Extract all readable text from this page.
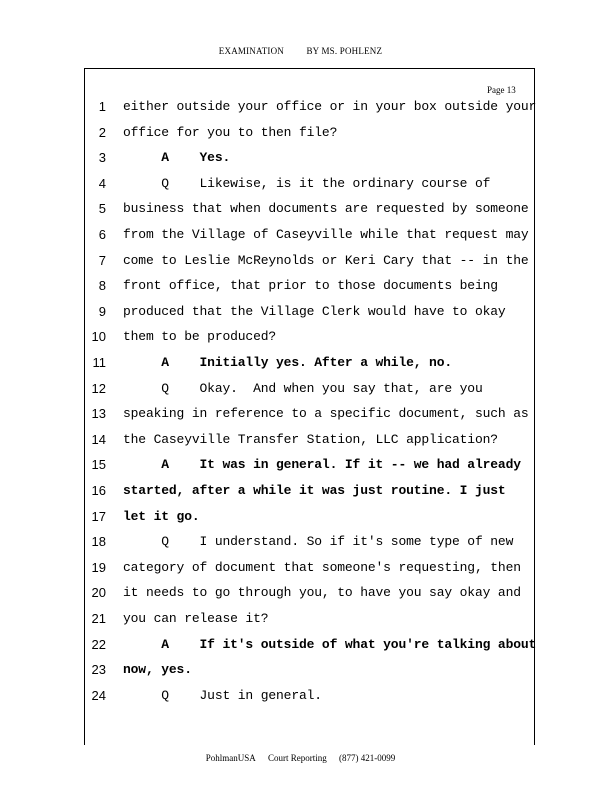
EXAMINATION BY MS. POHLENZ
Page 13
1 either outside your office or in your box outside your
2 office for you to then file?
3 A    Yes.
4 Q    Likewise, is it the ordinary course of
5 business that when documents are requested by someone
6 from the Village of Caseyville while that request may
7 come to Leslie McReynolds or Keri Cary that -- in the
8 front office, that prior to those documents being
9 produced that the Village Clerk would have to okay
10 them to be produced?
11 A    Initially yes. After a while, no.
12 Q    Okay.  And when you say that, are you
13 speaking in reference to a specific document, such as
14 the Caseyville Transfer Station, LLC application?
15 A    It was in general. If it -- we had already
16 started, after a while it was just routine. I just
17 let it go.
18 Q    I understand. So if it's some type of new
19 category of document that someone's requesting, then
20 it needs to go through you, to have you say okay and
21 you can release it?
22 A    If it's outside of what you're talking about
23 now, yes.
24 Q    Just in general.
PohlmanUSA Court Reporting (877) 421-0099
